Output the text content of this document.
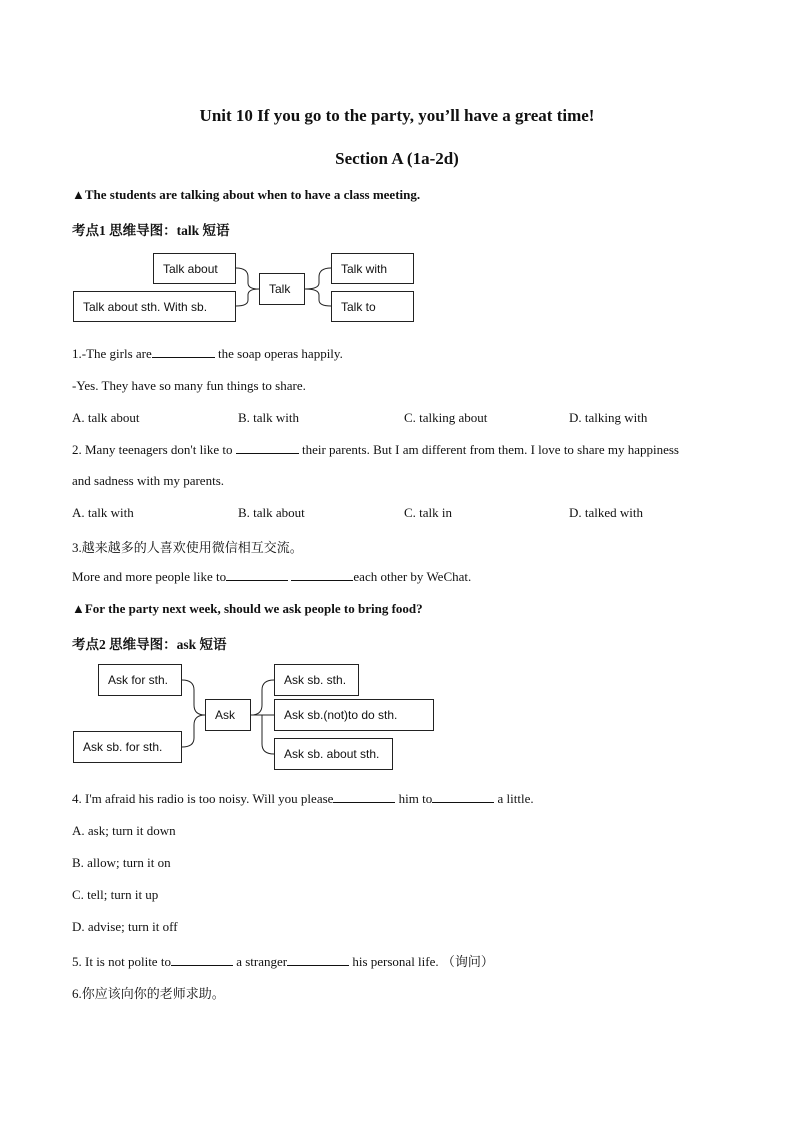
Unit 10 If you go to the party, you’ll have a great time!
Section A (1a-2d)
▲The students are talking about when to have a class meeting.
考点1 思维导图：talk 短语
Talk about
Talk about sth. With sb.
Talk
Talk with
Talk to
1.-The girls are	the soap operas happily.
-Yes. They have so many fun things to share.
A. talk about	B. talk with	C. talking about	D. talking with
2. Many teenagers don't like to	their parents. But I am different from them. I love to share my happiness
and sadness with my parents.
A. talk with	B. talk about	C. talk in	D. talked with
3.越来越多的人喜欢使用微信相互交流。
More and more people like to	each other by WeChat.
▲For the party next week, should we ask people to bring food?
考点2 思维导图：ask 短语
Ask for sth.
Ask sb. for sth.
Ask
Ask sb. sth.
Ask sb.(not)to do sth.
Ask sb. about sth.
4. I'm afraid his radio is too noisy. Will you please	him to	a little.
A. ask; turn it down
B. allow; turn it on
C. tell; turn it up
D. advise; turn it off
5. It is not polite to	a stranger	his personal life. （询问）
6.你应该向你的老师求助。
